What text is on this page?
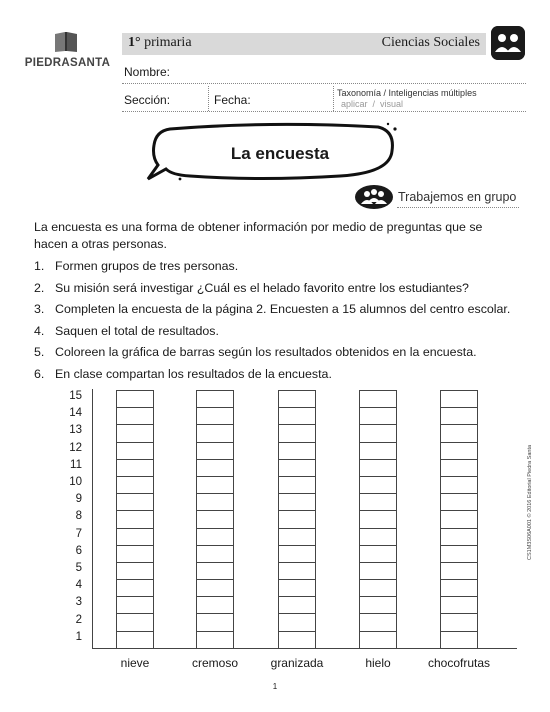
PIEDRASANTA
1° primaria	Ciencias Sociales
Nombre:
Sección:	Fecha:	Taxonomía / Inteligencias múltiples
aplicar  /  visual
La encuesta
Trabajemos en grupo
La encuesta es una forma de obtener información por medio de preguntas que se hacen a otras personas.
1. Formen grupos de tres personas.
2. Su misión será investigar ¿Cuál es el helado favorito entre los estudiantes?
3. Completen la encuesta de la página 2. Encuesten a 15 alumnos del centro escolar.
4. Saquen el total de resultados.
5. Coloreen la gráfica de barras según los resultados obtenidos en la encuesta.
6. En clase compartan los resultados de la encuesta.
15
14
13
12
11
10
9
8
7
6
5
4
3
2
1
nieve	cremoso	granizada	hielo	chocofrutas
1
CS1M3S06A001 © 2016 Editorial Piedra Santa
